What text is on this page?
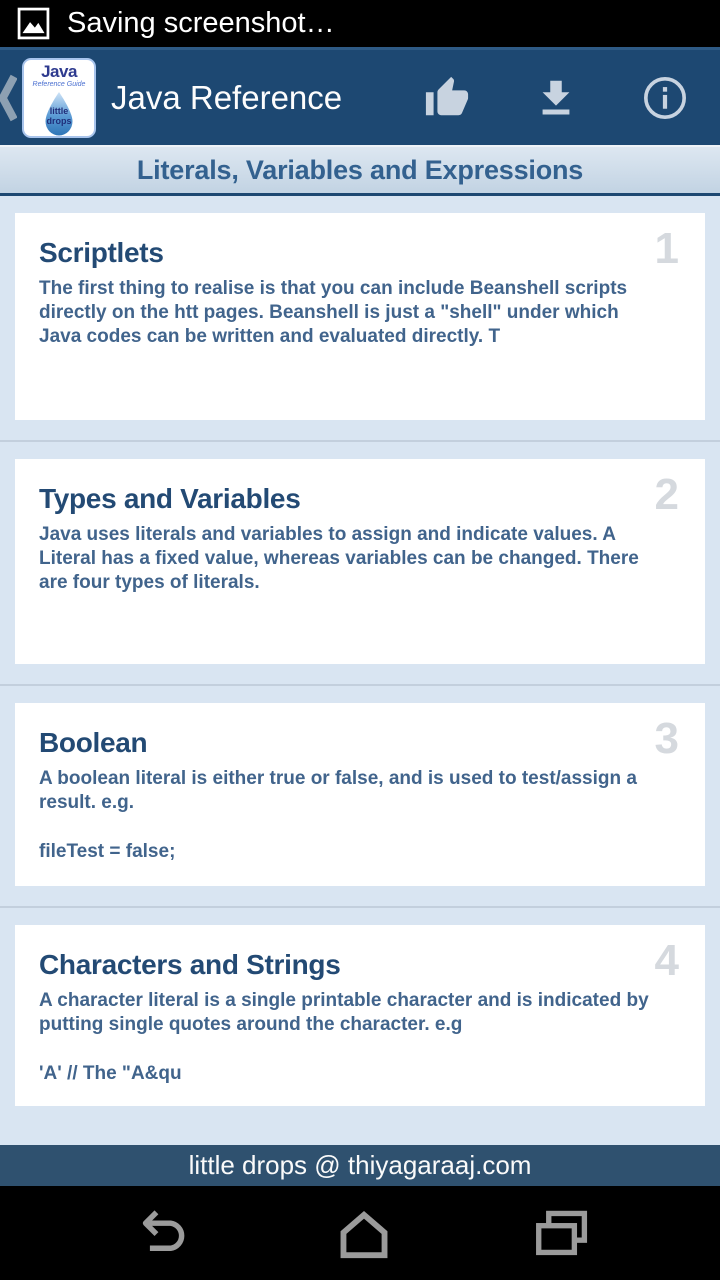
Saving screenshot…
Java
Reference Guide
little
drops
Java Reference
Literals, Variables and Expressions
1
Scriptlets
The first thing to realise is that you can include Beanshell scripts directly on the htt pages. Beanshell is just a "shell" under which Java codes can be written and evaluated directly. T
2
Types and Variables
Java uses literals and variables to assign and indicate values. A Literal has a fixed value, whereas variables can be changed. There are four types of literals.
3
Boolean
A boolean literal is either true or false, and is used to test/assign a result. e.g.
fileTest = false;
4
Characters and Strings
A character literal is a single printable character and is indicated by putting single quotes around the character. e.g
'A' // The "A&qu
little drops @ thiyagaraaj.com
